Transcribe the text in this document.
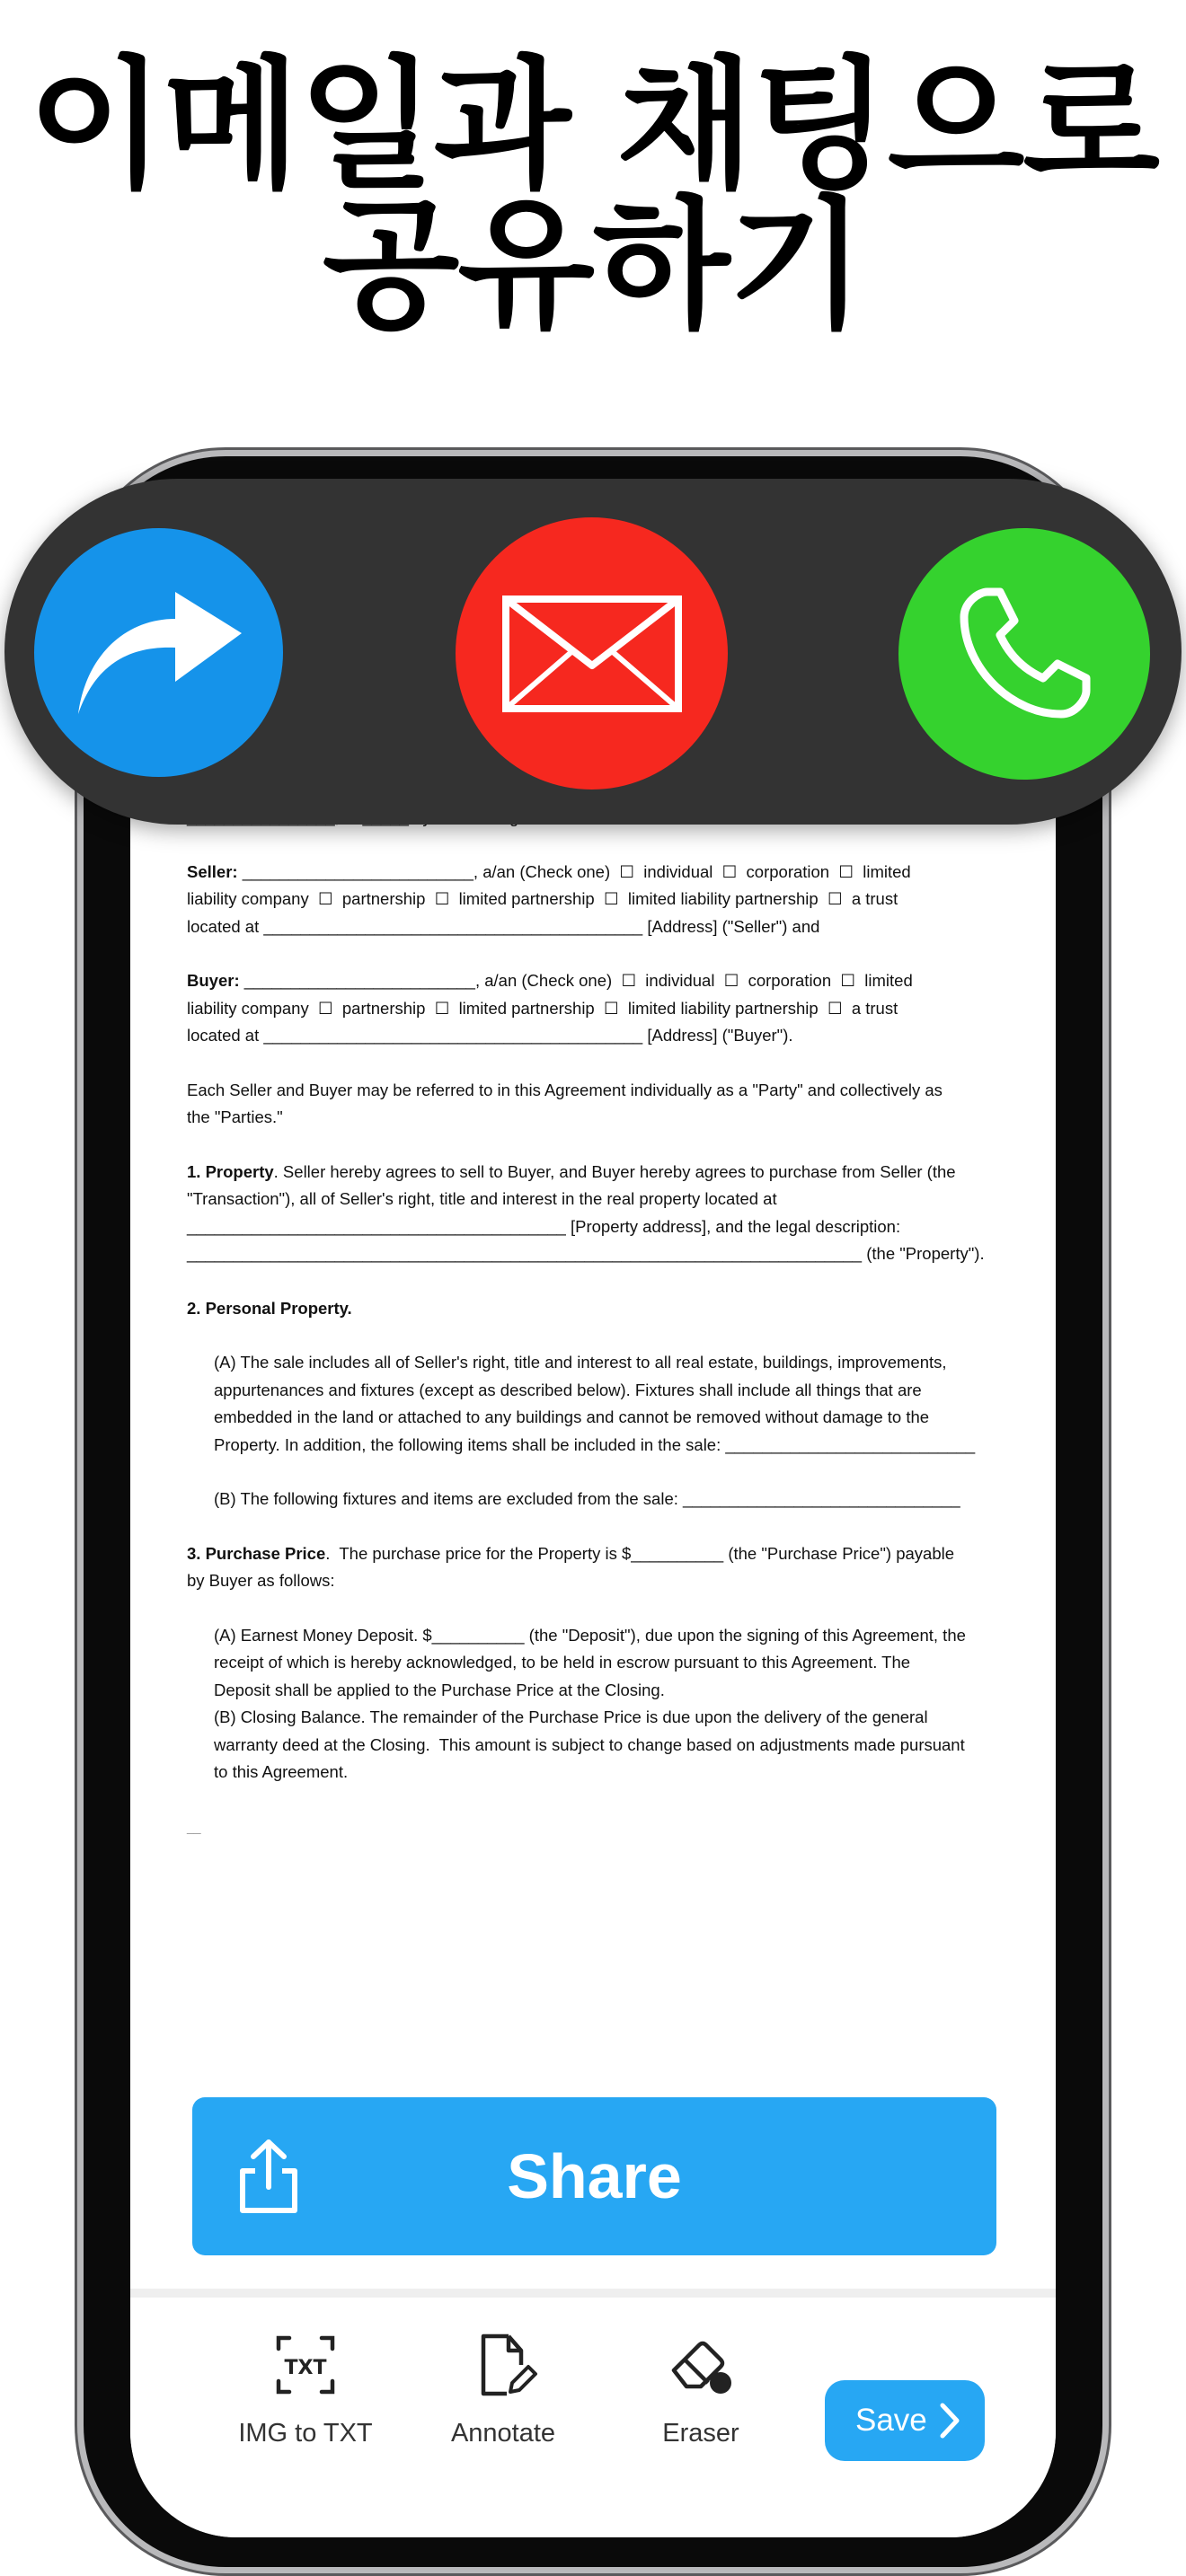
이메일과 채팅으로
공유하기

Seller: _________________________, a/an (Check one)  ☐  individual  ☐  corporation  ☐  limited

liability company  ☐  partnership  ☐  limited partnership  ☐  limited liability partnership  ☐  a trust

located at _________________________________________ [Address] ("Seller") and

Buyer: _________________________, a/an (Check one)  ☐  individual  ☐  corporation  ☐  limited

liability company  ☐  partnership  ☐  limited partnership  ☐  limited liability partnership  ☐  a trust

located at _________________________________________ [Address] ("Buyer").

Each Seller and Buyer may be referred to in this Agreement individually as a "Party" and collectively as

the "Parties."

1. Property. Seller hereby agrees to sell to Buyer, and Buyer hereby agrees to purchase from Seller (the

"Transaction"), all of Seller's right, title and interest in the real property located at

_________________________________________ [Property address], and the legal description:

_________________________________________________________________________ (the "Property").

2. Personal Property.

(A) The sale includes all of Seller's right, title and interest to all real estate, buildings, improvements,

appurtenances and fixtures (except as described below). Fixtures shall include all things that are

embedded in the land or attached to any buildings and cannot be removed without damage to the

Property. In addition, the following items shall be included in the sale: ___________________________

(B) The following fixtures and items are excluded from the sale: ______________________________

3. Purchase Price.  The purchase price for the Property is $__________ (the "Purchase Price") payable

by Buyer as follows:

(A) Earnest Money Deposit. $__________ (the "Deposit"), due upon the signing of this Agreement, the

receipt of which is hereby acknowledged, to be held in escrow pursuant to this Agreement. The

Deposit shall be applied to the Purchase Price at the Closing.

(B) Closing Balance. The remainder of the Purchase Price is due upon the delivery of the general

warranty deed at the Closing.  This amount is subject to change based on adjustments made pursuant

to this Agreement.

__

Share
TXT
IMG to TXT	Annotate	Eraser	Save
